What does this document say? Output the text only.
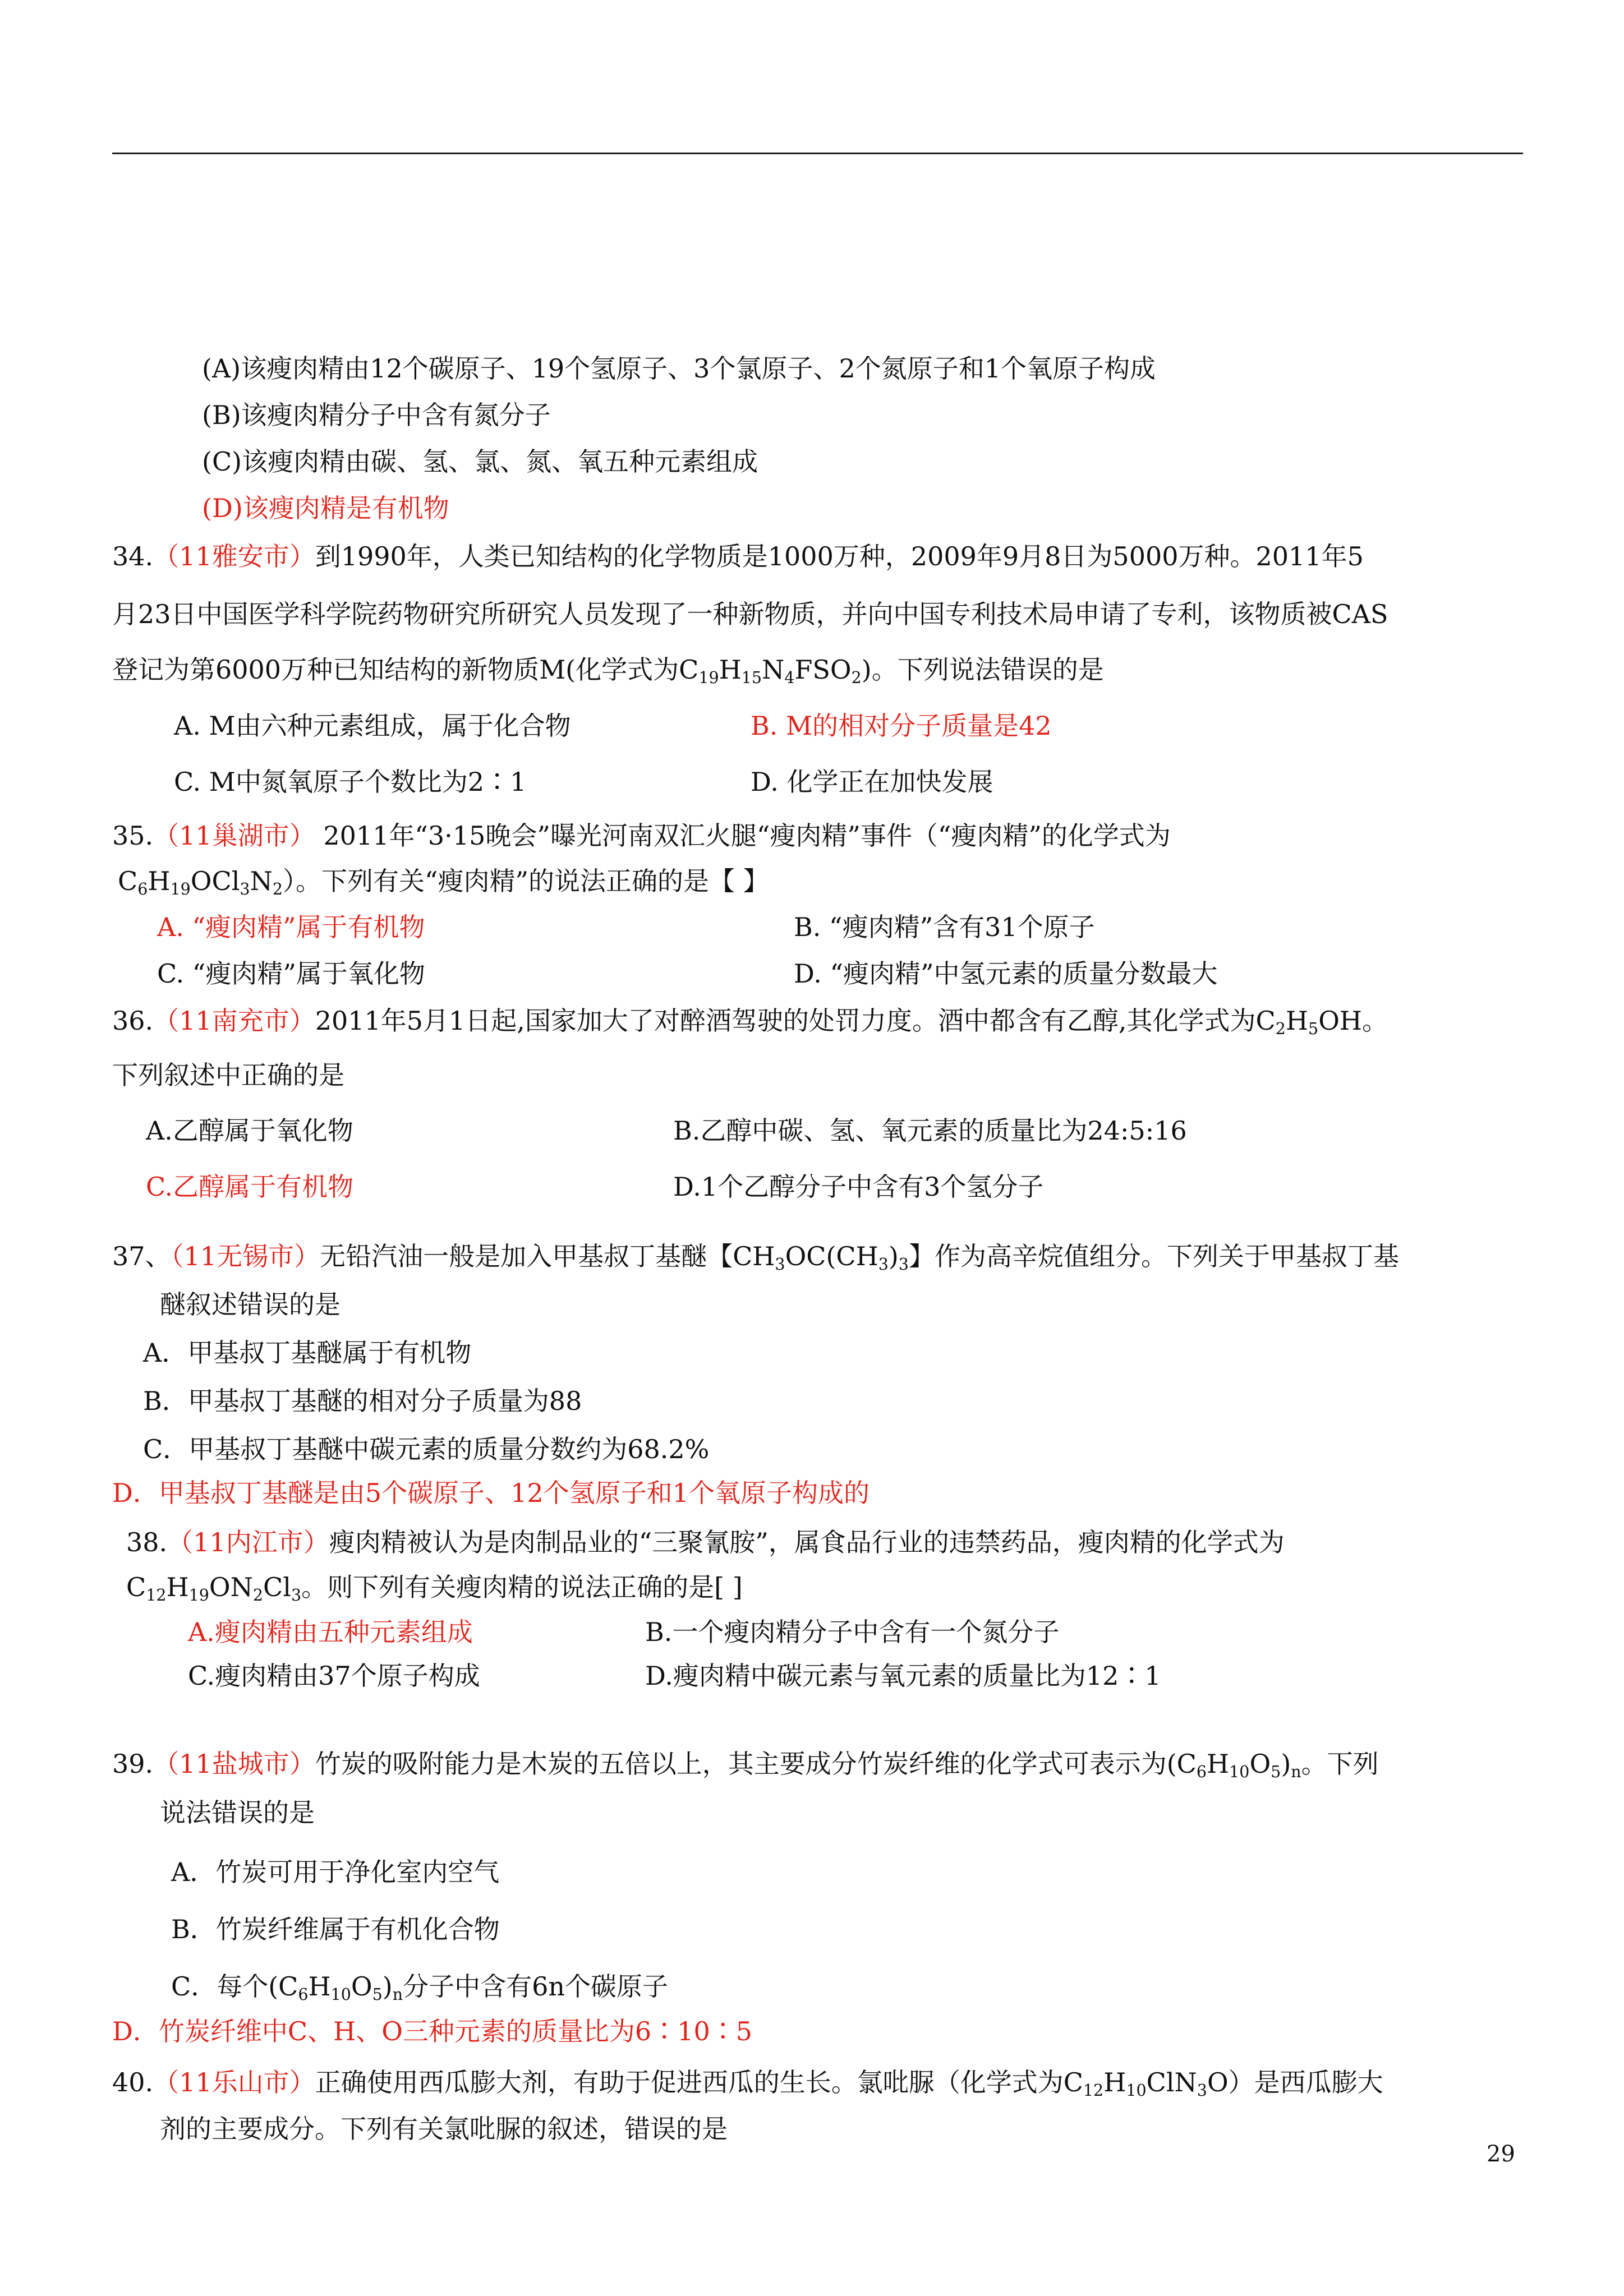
(A)该瘦肉精由12个碳原子、19个氢原子、3个氯原子、2个氮原子和1个氧原子构成
(B)该瘦肉精分子中含有氮分子
(C)该瘦肉精由碳、氢、氯、氮、氧五种元素组成
(D)该瘦肉精是有机物
34.（11雅安市）到1990年，人类已知结构的化学物质是1000万种，2009年9月8日为5000万种。2011年5
月23日中国医学科学院药物研究所研究人员发现了一种新物质，并向中国专利技术局申请了专利，该物质被CAS
登记为第6000万种已知结构的新物质M(化学式为$C_{19}H_{15}N_4FSO_2$)。下列说法错误的是
A. M由六种元素组成，属于化合物	B. M的相对分子质量是42
C. M中氮氧原子个数比为2∶1	D. 化学正在加快发展
35.（11巢湖市） 2011年“3·15晚会”曝光河南双汇火腿“瘦肉精”事件（“瘦肉精”的化学式为
$C_6H_{19}OCl_3N_2$）。下列有关“瘦肉精”的说法正确的是【 】
A. “瘦肉精”属于有机物	B. “瘦肉精”含有31个原子
C. “瘦肉精”属于氧化物	D. “瘦肉精”中氢元素的质量分数最大
36.（11南充市）2011年5月1日起,国家加大了对醉酒驾驶的处罚力度。酒中都含有乙醇,其化学式为$C_2H_5OH$。
下列叙述中正确的是
A.乙醇属于氧化物	B.乙醇中碳、氢、氧元素的质量比为24:5:16
C.乙醇属于有机物	D.1个乙醇分子中含有3个氢分子
37、（11无锡市）无铅汽油一般是加入甲基叔丁基醚【$CH_3OC(CH_3)_3$】作为高辛烷值组分。下列关于甲基叔丁基
醚叙述错误的是
A．甲基叔丁基醚属于有机物
B．甲基叔丁基醚的相对分子质量为88
C．甲基叔丁基醚中碳元素的质量分数约为68.2%
D．甲基叔丁基醚是由5个碳原子、12个氢原子和1个氧原子构成的
38.（11内江市）瘦肉精被认为是肉制品业的“三聚氰胺”，属食品行业的违禁药品，瘦肉精的化学式为
$C_{12}H_{19}ON_2Cl_3$。则下列有关瘦肉精的说法正确的是[ ]
A.瘦肉精由五种元素组成	B.一个瘦肉精分子中含有一个氮分子
C.瘦肉精由37个原子构成	D.瘦肉精中碳元素与氧元素的质量比为12∶1
39.（11盐城市）竹炭的吸附能力是木炭的五倍以上，其主要成分竹炭纤维的化学式可表示为$(C_6H_{10}O_5)_n$。下列
说法错误的是
A．竹炭可用于净化室内空气
B．竹炭纤维属于有机化合物
C．每个$(C_6H_{10}O_5)_n$分子中含有6n个碳原子
D．竹炭纤维中C、H、O三种元素的质量比为6∶10∶5
40.（11乐山市）正确使用西瓜膨大剂，有助于促进西瓜的生长。氯吡脲（化学式为$C_{12}H_{10}ClN_3O$）是西瓜膨大
剂的主要成分。下列有关氯吡脲的叙述，错误的是
29
